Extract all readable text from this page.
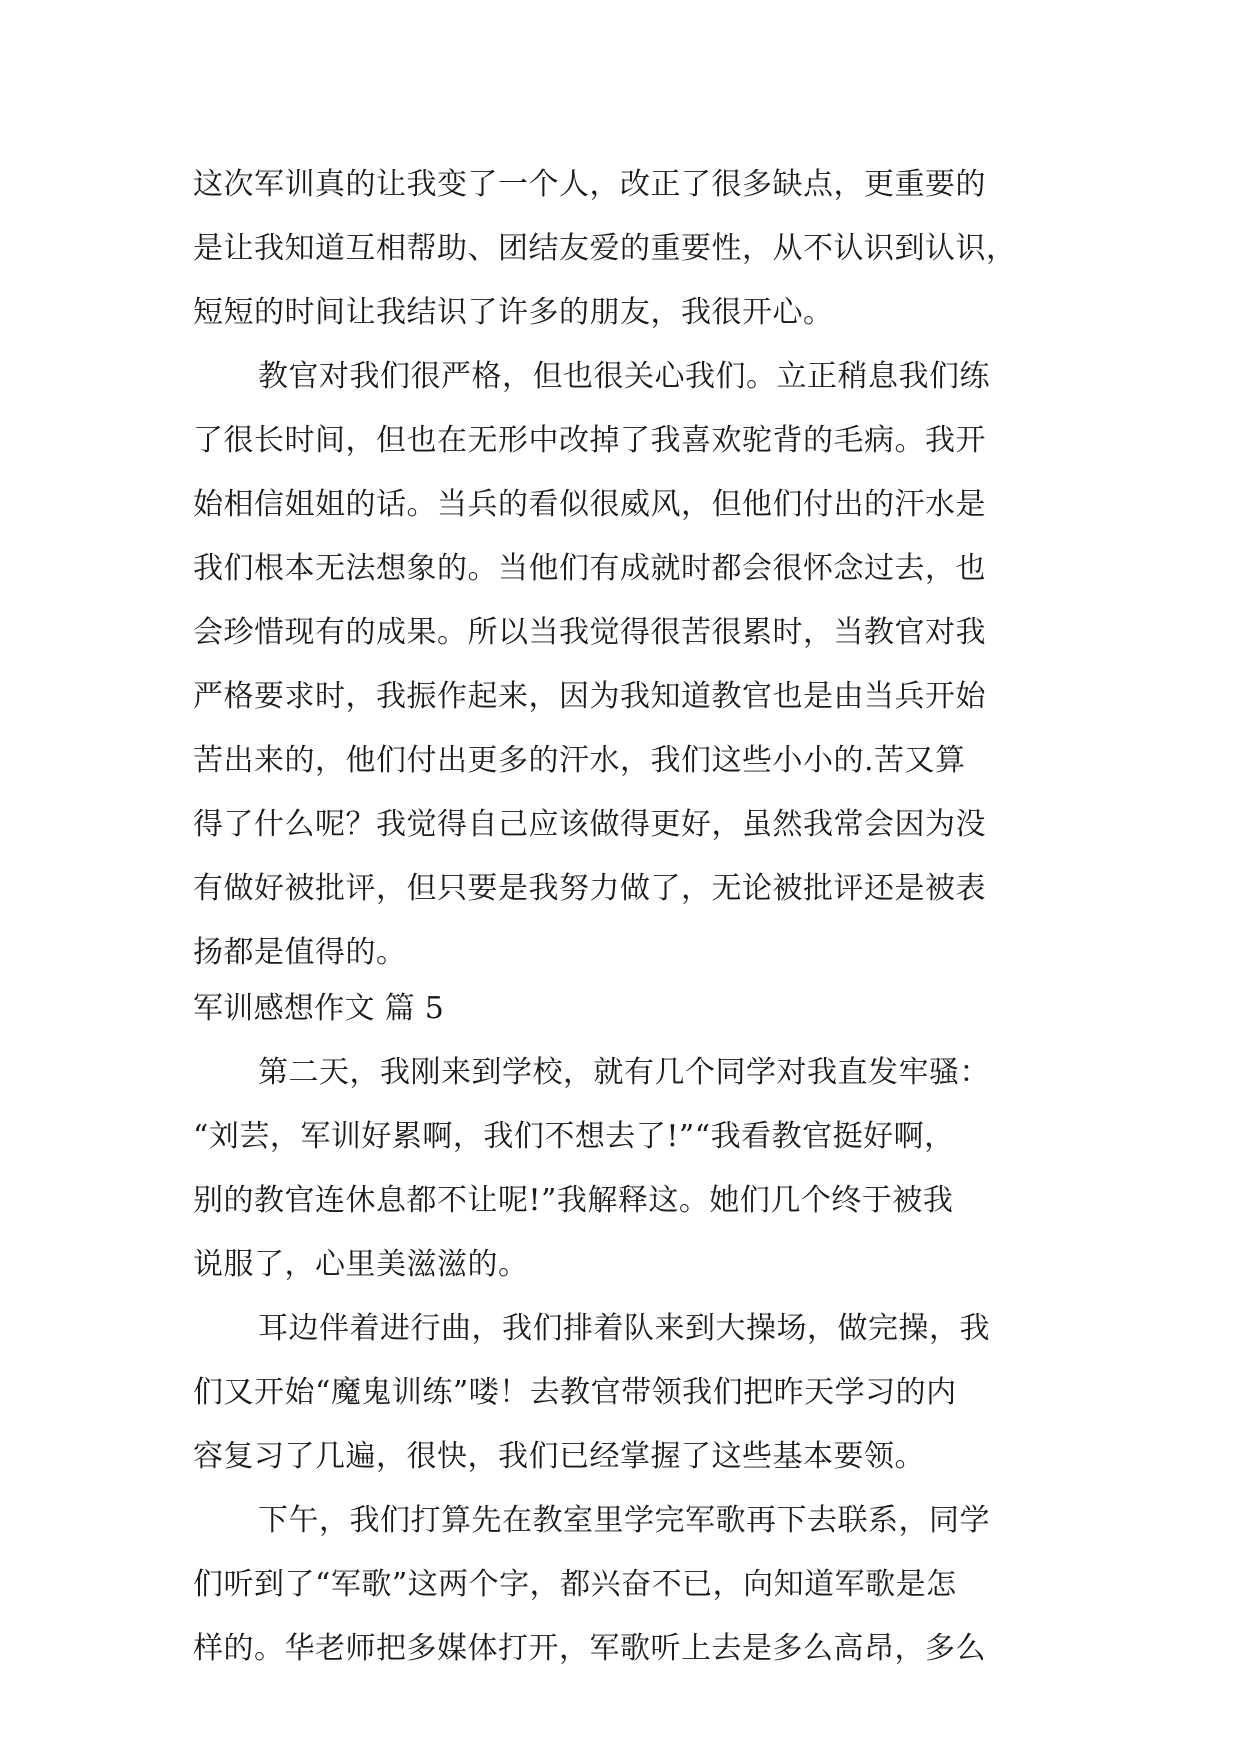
这次军训真的让我变了一个人，改正了很多缺点，更重要的
是让我知道互相帮助、团结友爱的重要性，从不认识到认识，
短短的时间让我结识了许多的朋友，我很开心。
教官对我们很严格，但也很关心我们。立正稍息我们练
了很长时间，但也在无形中改掉了我喜欢驼背的毛病。我开
始相信姐姐的话。当兵的看似很威风，但他们付出的汗水是
我们根本无法想象的。当他们有成就时都会很怀念过去，也
会珍惜现有的成果。所以当我觉得很苦很累时，当教官对我
严格要求时，我振作起来，因为我知道教官也是由当兵开始
苦出来的，他们付出更多的汗水，我们这些小小的.苦又算
得了什么呢？我觉得自己应该做得更好，虽然我常会因为没
有做好被批评，但只要是我努力做了，无论被批评还是被表
扬都是值得的。
军训感想作文 篇 5
第二天，我刚来到学校，就有几个同学对我直发牢骚：
“刘芸，军训好累啊，我们不想去了!”“我看教官挺好啊，
别的教官连休息都不让呢!”我解释这。她们几个终于被我
说服了，心里美滋滋的。
耳边伴着进行曲，我们排着队来到大操场，做完操，我
们又开始“魔鬼训练”喽！去教官带领我们把昨天学习的内
容复习了几遍，很快，我们已经掌握了这些基本要领。
下午，我们打算先在教室里学完军歌再下去联系，同学
们听到了“军歌”这两个字，都兴奋不已，向知道军歌是怎
样的。华老师把多媒体打开，军歌听上去是多么高昂，多么
